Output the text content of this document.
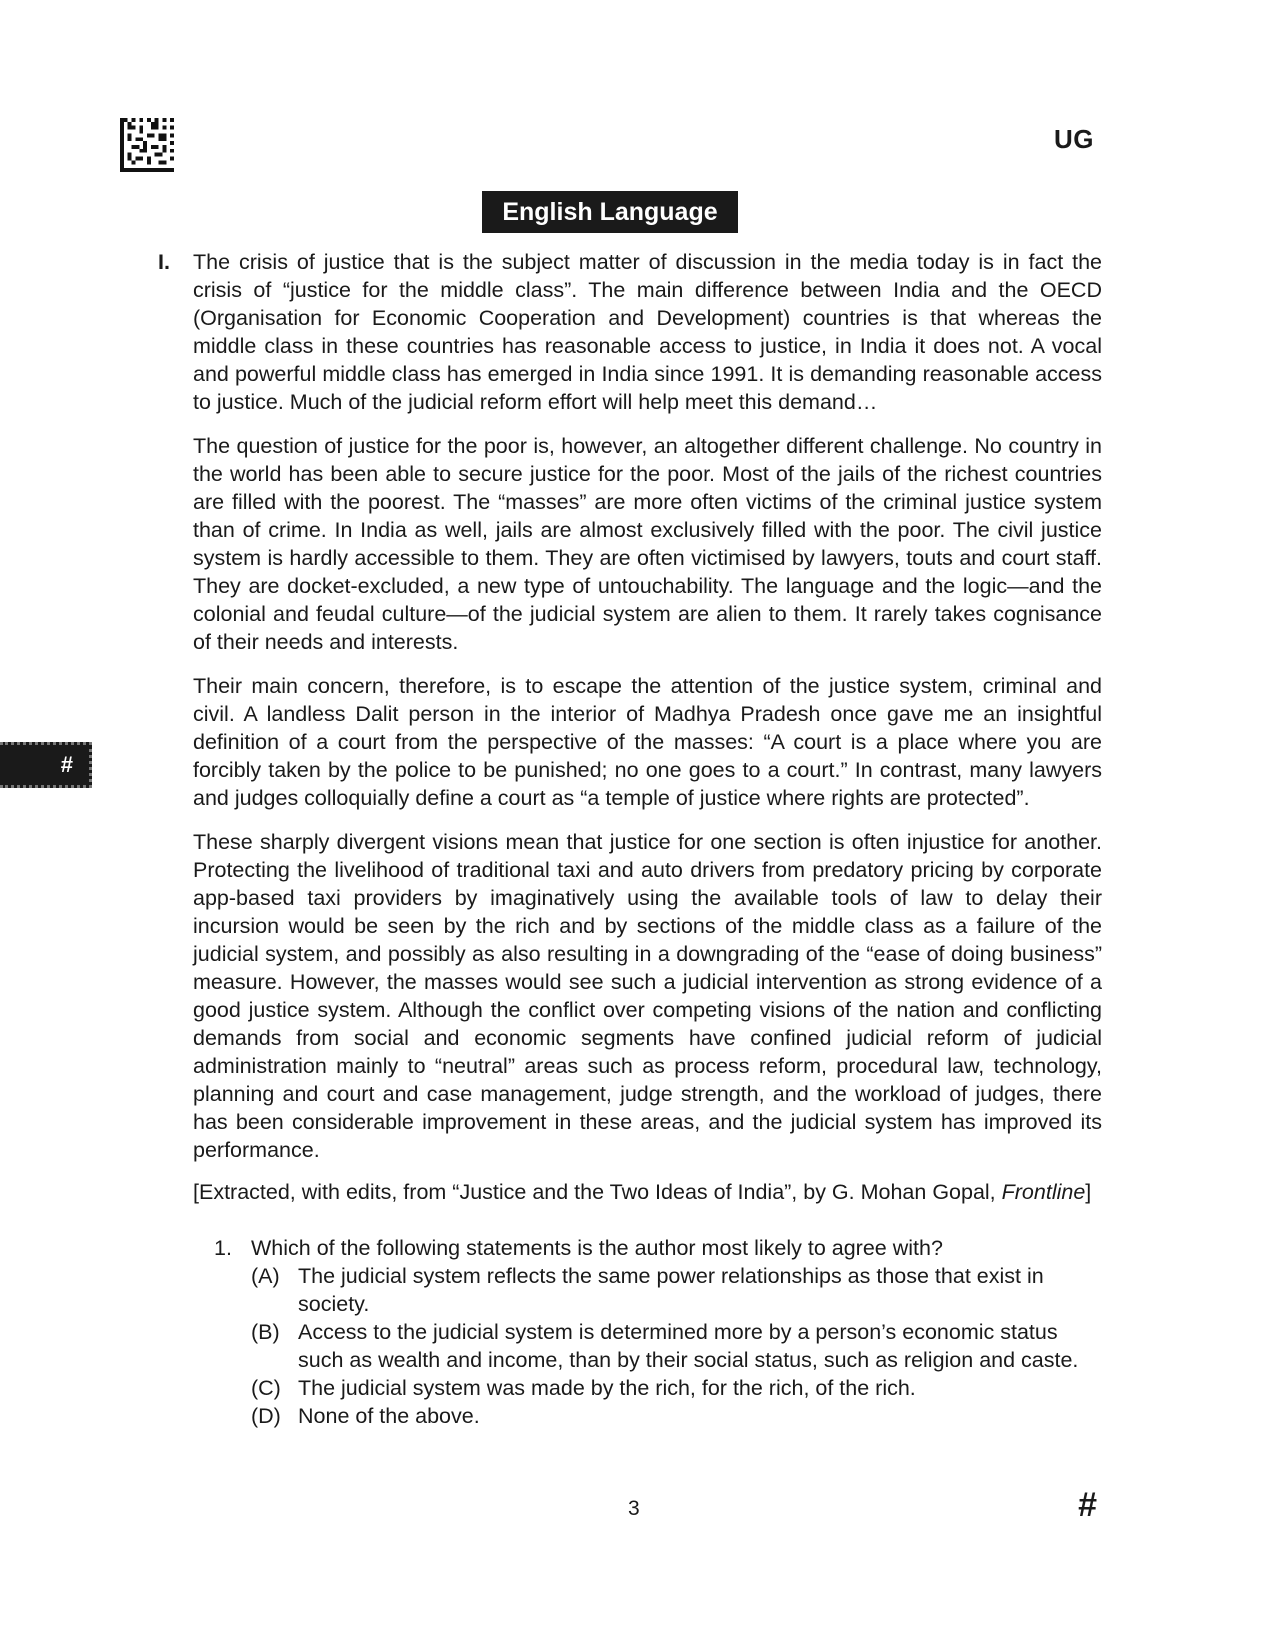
UG
English Language
I. The crisis of justice that is the subject matter of discussion in the media today is in fact the crisis of “justice for the middle class”. The main difference between India and the OECD (Organisation for Economic Cooperation and Development) countries is that whereas the middle class in these countries has reasonable access to justice, in India it does not. A vocal and powerful middle class has emerged in India since 1991. It is demanding reasonable access to justice. Much of the judicial reform effort will help meet this demand…

The question of justice for the poor is, however, an altogether different challenge. No country in the world has been able to secure justice for the poor. Most of the jails of the richest countries are filled with the poorest. The “masses” are more often victims of the criminal justice system than of crime. In India as well, jails are almost exclusively filled with the poor. The civil justice system is hardly accessible to them. They are often victimised by lawyers, touts and court staff. They are docket-excluded, a new type of untouchability. The language and the logic—and the colonial and feudal culture—of the judicial system are alien to them. It rarely takes cognisance of their needs and interests.

Their main concern, therefore, is to escape the attention of the justice system, criminal and civil. A landless Dalit person in the interior of Madhya Pradesh once gave me an insightful definition of a court from the perspective of the masses: “A court is a place where you are forcibly taken by the police to be punished; no one goes to a court.” In contrast, many lawyers and judges colloquially define a court as “a temple of justice where rights are protected”.

These sharply divergent visions mean that justice for one section is often injustice for another. Protecting the livelihood of traditional taxi and auto drivers from predatory pricing by corporate app-based taxi providers by imaginatively using the available tools of law to delay their incursion would be seen by the rich and by sections of the middle class as a failure of the judicial system, and possibly as also resulting in a downgrading of the “ease of doing business” measure. However, the masses would see such a judicial intervention as strong evidence of a good justice system. Although the conflict over competing visions of the nation and conflicting demands from social and economic segments have confined judicial reform of judicial administration mainly to “neutral” areas such as process reform, procedural law, technology, planning and court and case management, judge strength, and the workload of judges, there has been considerable improvement in these areas, and the judicial system has improved its performance.

[Extracted, with edits, from “Justice and the Two Ideas of India”, by G. Mohan Gopal, Frontline]

1. Which of the following statements is the author most likely to agree with?
(A) The judicial system reflects the same power relationships as those that exist in society.
(B) Access to the judicial system is determined more by a person’s economic status such as wealth and income, than by their social status, such as religion and caste.
(C) The judicial system was made by the rich, for the rich, of the rich.
(D) None of the above.
#
3	#
